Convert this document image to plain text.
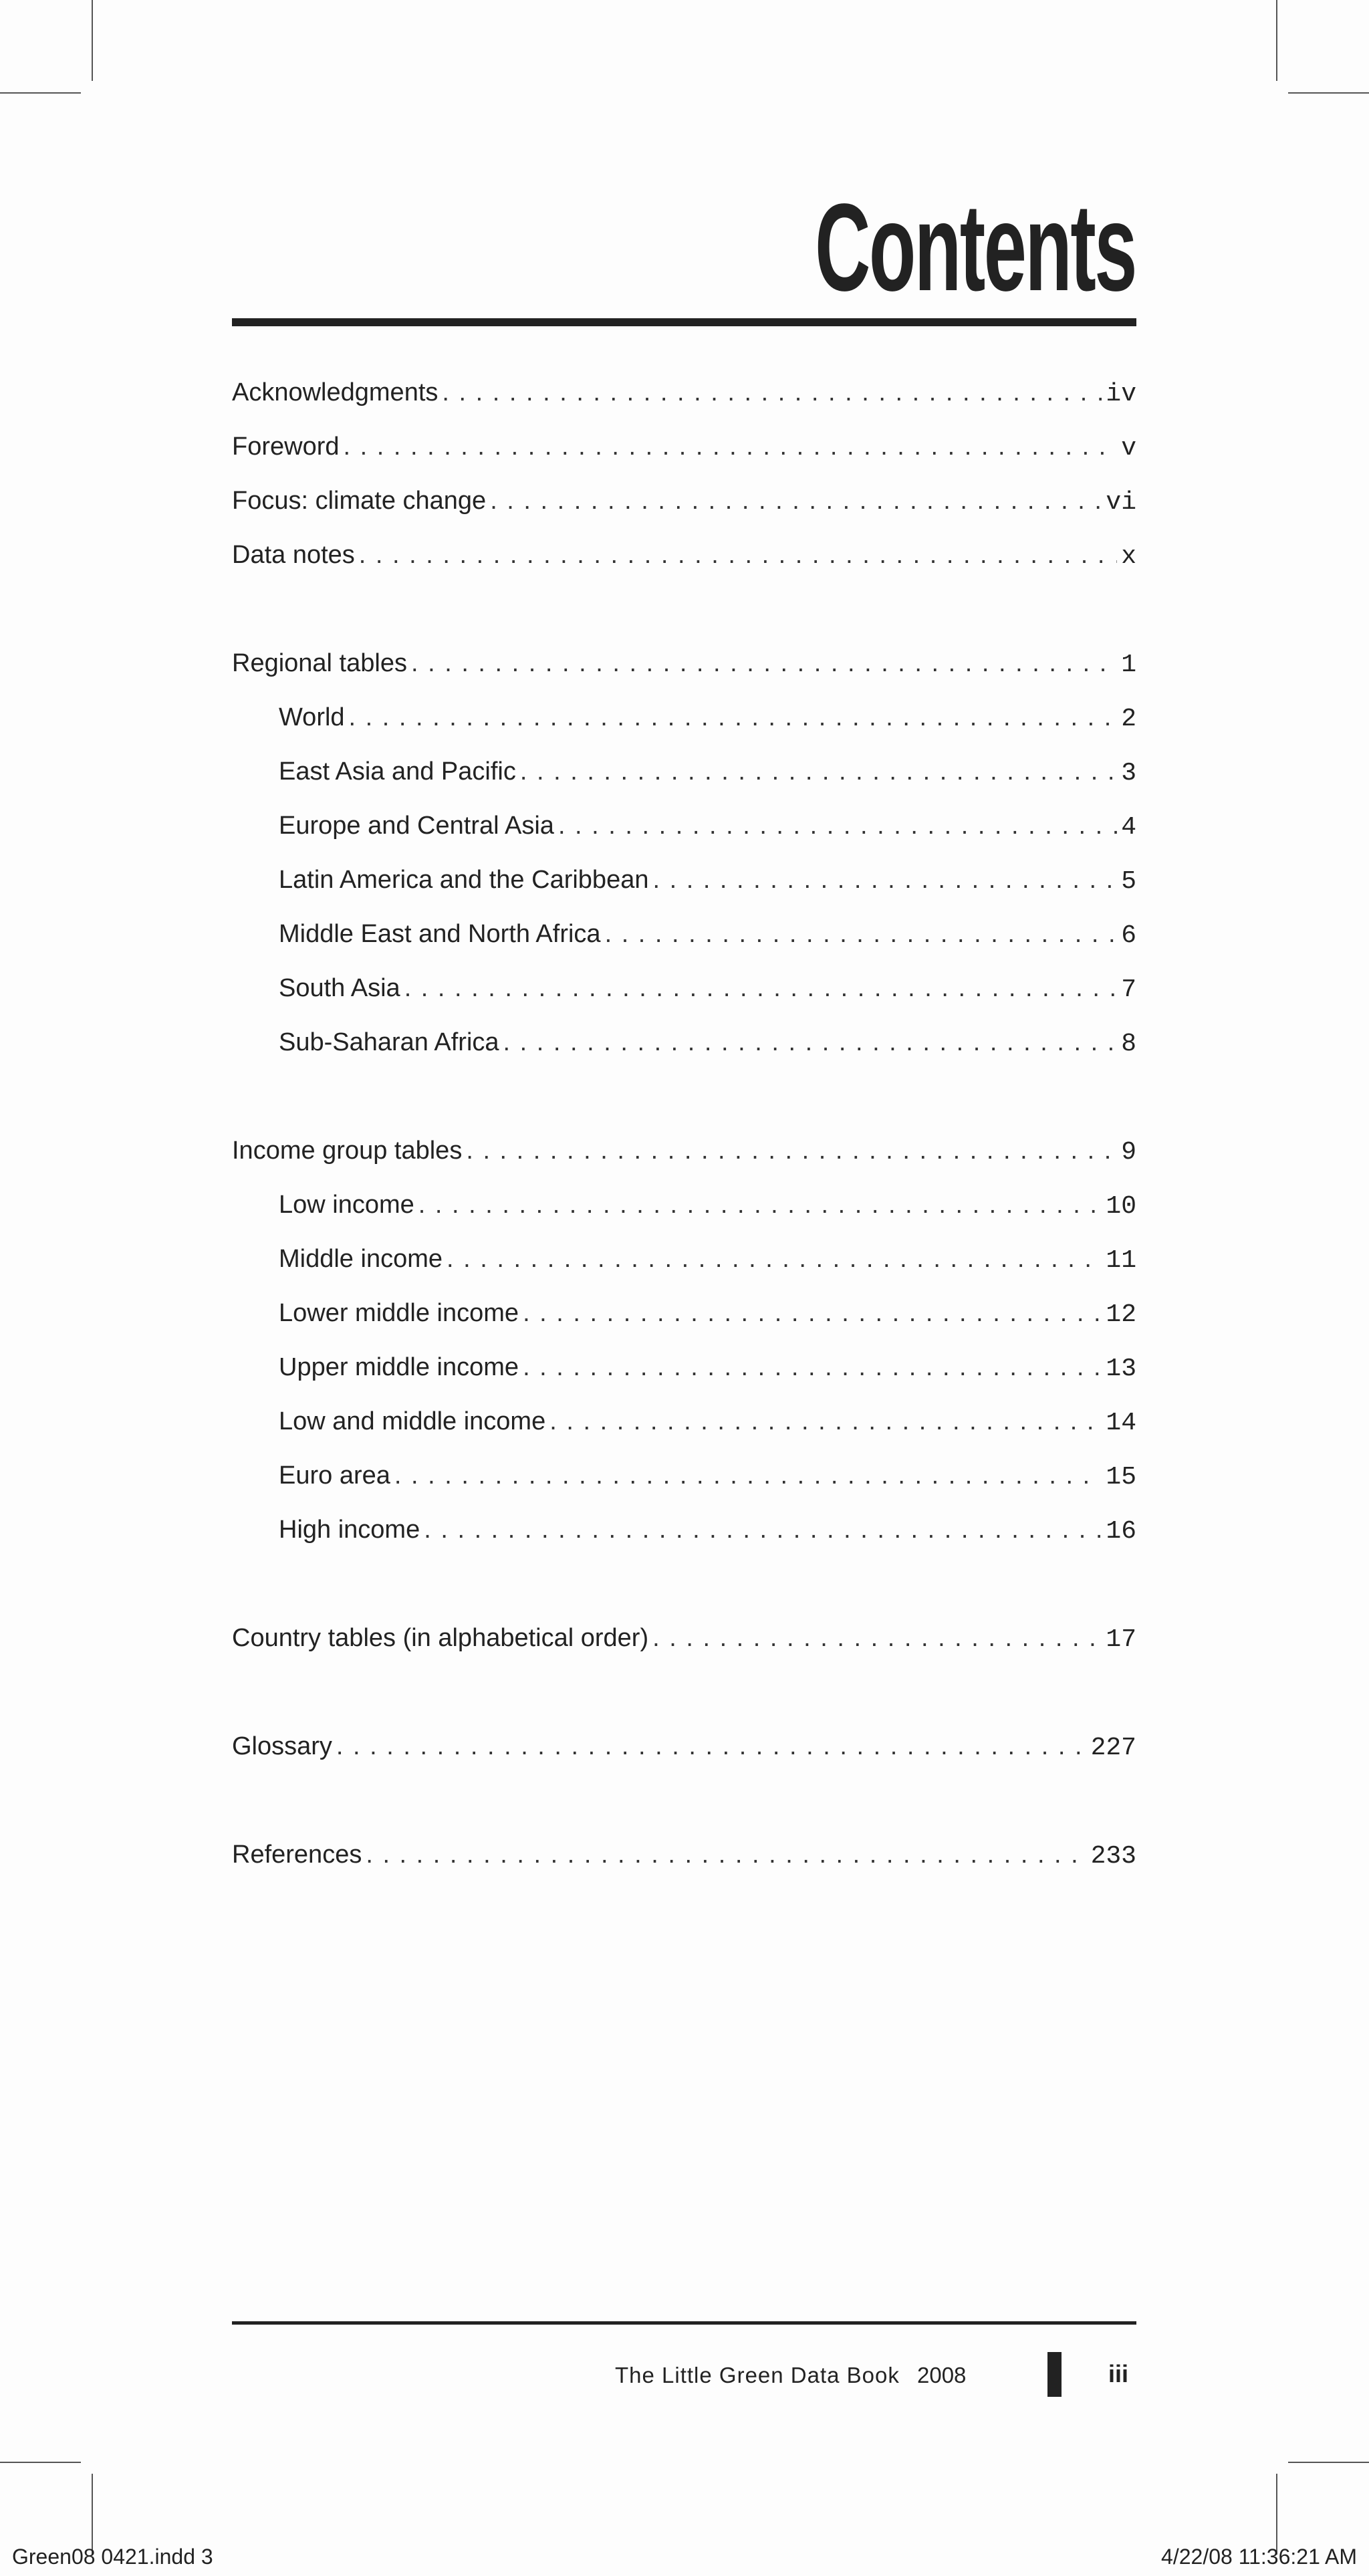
Contents
Acknowledgments . . .	iv
Foreword . . .	v
Focus: climate change . . .	vi
Data notes . . .	x
Regional tables . . .	1
World . . .	2
East Asia and Pacific . . .	3
Europe and Central Asia . . .	4
Latin America and the Caribbean . . .	5
Middle East and North Africa . . .	6
South Asia . . .	7
Sub-Saharan Africa . . .	8
Income group tables . . .	9
Low income . . .	10
Middle income . . .	11
Lower middle income . . .	12
Upper middle income . . .	13
Low and middle income . . .	14
Euro area . . .	15
High income . . .	16
Country tables (in alphabetical order) . . .	17
Glossary . . .	227
References . . .	233
The Little Green Data Book 2008	iii
Green08 0421.indd 3	4/22/08 11:36:21 AM
